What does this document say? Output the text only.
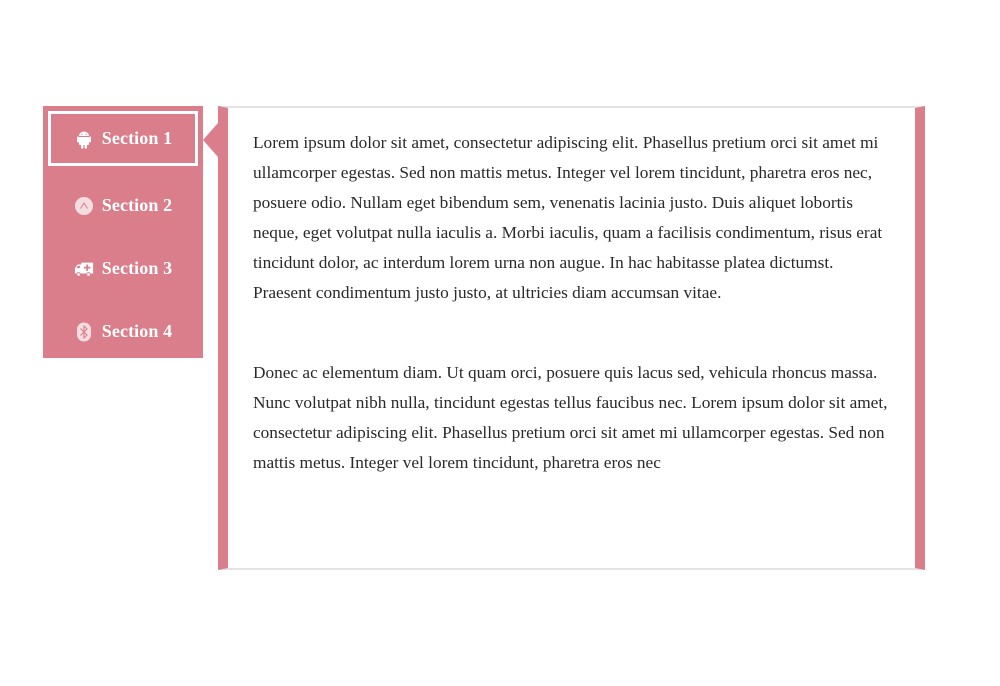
Section 1
Section 2
Section 3
Section 4

Lorem ipsum dolor sit amet, consectetur adipiscing elit. Phasellus pretium orci sit amet mi ullamcorper egestas. Sed non mattis metus. Integer vel lorem tincidunt, pharetra eros nec, posuere odio. Nullam eget bibendum sem, venenatis lacinia justo. Duis aliquet lobortis neque, eget volutpat nulla iaculis a. Morbi iaculis, quam a facilisis condimentum, risus erat tincidunt dolor, ac interdum lorem urna non augue. In hac habitasse platea dictumst. Praesent condimentum justo justo, at ultricies diam accumsan vitae.

Donec ac elementum diam. Ut quam orci, posuere quis lacus sed, vehicula rhoncus massa. Nunc volutpat nibh nulla, tincidunt egestas tellus faucibus nec. Lorem ipsum dolor sit amet, consectetur adipiscing elit. Phasellus pretium orci sit amet mi ullamcorper egestas. Sed non mattis metus. Integer vel lorem tincidunt, pharetra eros nec
